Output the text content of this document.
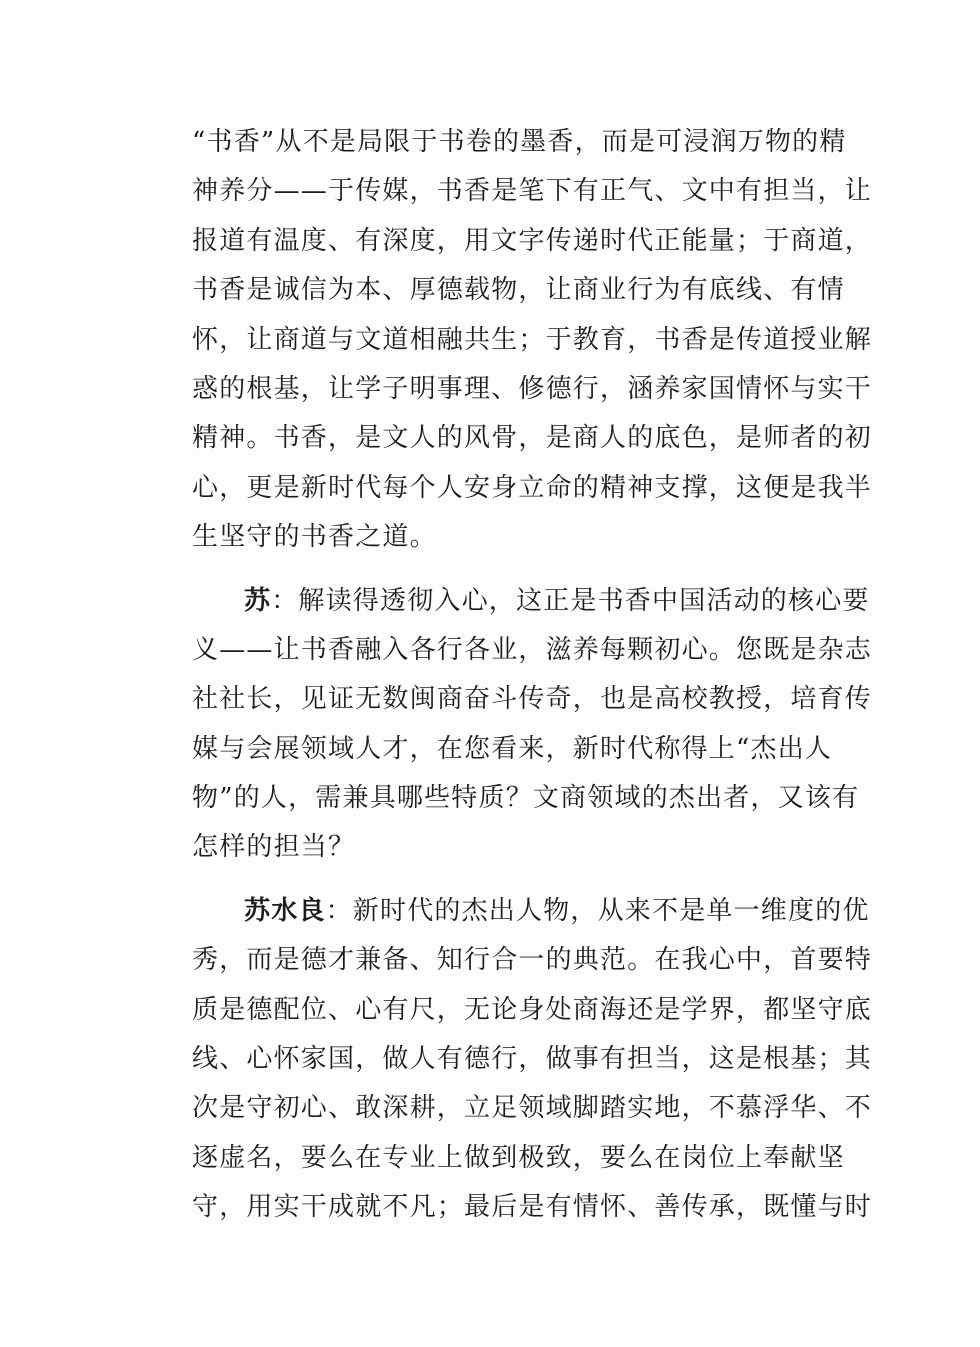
“书香”从不是局限于书卷的墨香，而是可浸润万物的精
神养分——于传媒，书香是笔下有正气、文中有担当，让
报道有温度、有深度，用文字传递时代正能量；于商道，
书香是诚信为本、厚德载物，让商业行为有底线、有情
怀，让商道与文道相融共生；于教育，书香是传道授业解
惑的根基，让学子明事理、修德行，涵养家国情怀与实干
精神。书香，是文人的风骨，是商人的底色，是师者的初
心，更是新时代每个人安身立命的精神支撑，这便是我半
生坚守的书香之道。
苏：解读得透彻入心，这正是书香中国活动的核心要
义——让书香融入各行各业，滋养每颗初心。您既是杂志
社社长，见证无数闽商奋斗传奇，也是高校教授，培育传
媒与会展领域人才，在您看来，新时代称得上“杰出人
物”的人，需兼具哪些特质？文商领域的杰出者，又该有
怎样的担当？
苏水良：新时代的杰出人物，从来不是单一维度的优
秀，而是德才兼备、知行合一的典范。在我心中，首要特
质是德配位、心有尺，无论身处商海还是学界，都坚守底
线、心怀家国，做人有德行，做事有担当，这是根基；其
次是守初心、敢深耕，立足领域脚踏实地，不慕浮华、不
逐虚名，要么在专业上做到极致，要么在岗位上奉献坚
守，用实干成就不凡；最后是有情怀、善传承，既懂与时
